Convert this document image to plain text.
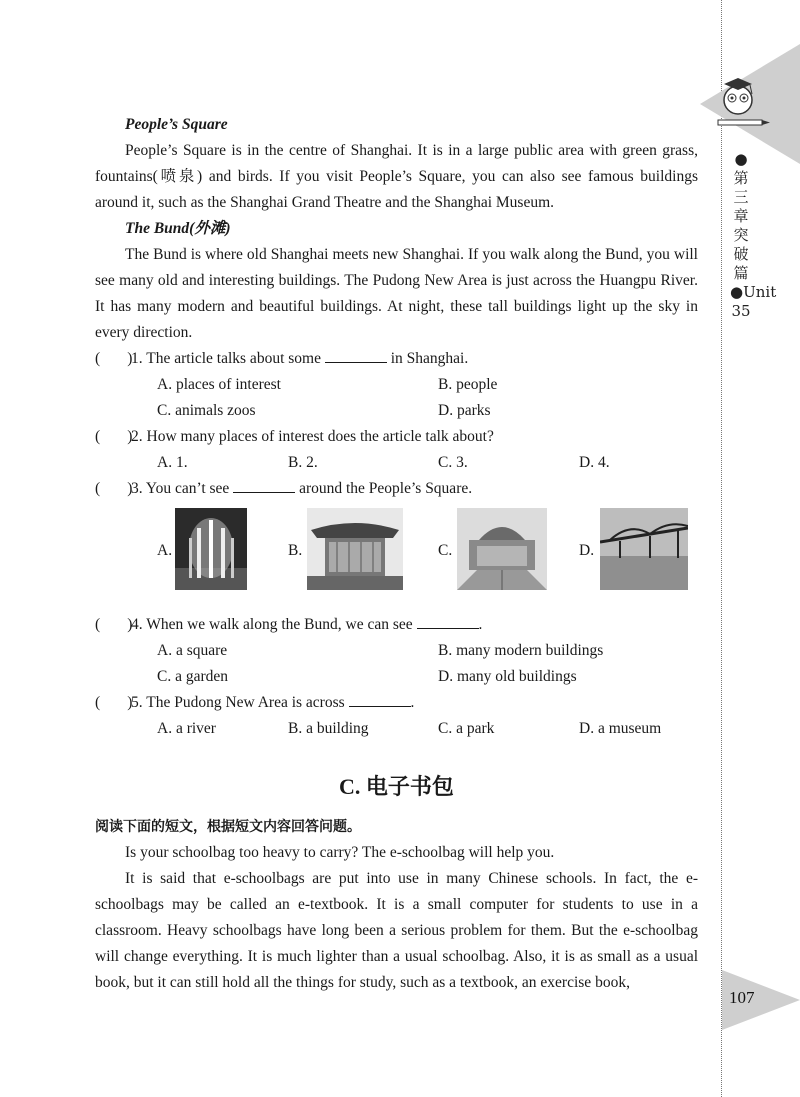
People’s Square

People’s Square is in the centre of Shanghai. It is in a large public area with green grass, fountains(喷泉) and birds. If you visit People’s Square, you can also see famous buildings around it, such as the Shanghai Grand Theatre and the Shanghai Museum.

The Bund(外滩)

The Bund is where old Shanghai meets new Shanghai. If you walk along the Bund, you will see many old and interesting buildings. The Pudong New Area is just across the Huangpu River. It has many modern and beautiful buildings. At night, these tall buildings light up the sky in every direction.

( )
1. The article talks about some	in Shanghai.
A. places of interest	B. people
C. animals zoos	D. parks
( )
2. How many places of interest does the article talk about?
A. 1.	B. 2.	C. 3.	D. 4.
( )
3. You can’t see	around the People’s Square.
A.	B.	C.	D.
( )
4. When we walk along the Bund, we can see	.
A. a square	B. many modern buildings
C. a garden	D. many old buildings
( )
5. The Pudong New Area is across	.
A. a river	B. a building	C. a park	D. a museum
C. 电子书包
阅读下面的短文，根据短文内容回答问题。

Is your schoolbag too heavy to carry? The e-schoolbag will help you.

It is said that e-schoolbags are put into use in many Chinese schools. In fact, the e-schoolbags may be called an e-textbook. It is a small computer for students to use in a classroom. Heavy schoolbags have long been a serious problem for them. But the e-schoolbag will change everything. It is much lighter than a usual schoolbag. Also, it is as small as a usual book, but it can still hold all the things for study, such as a textbook, an exercise book,

●第三章　突破篇●Unit 35
107
